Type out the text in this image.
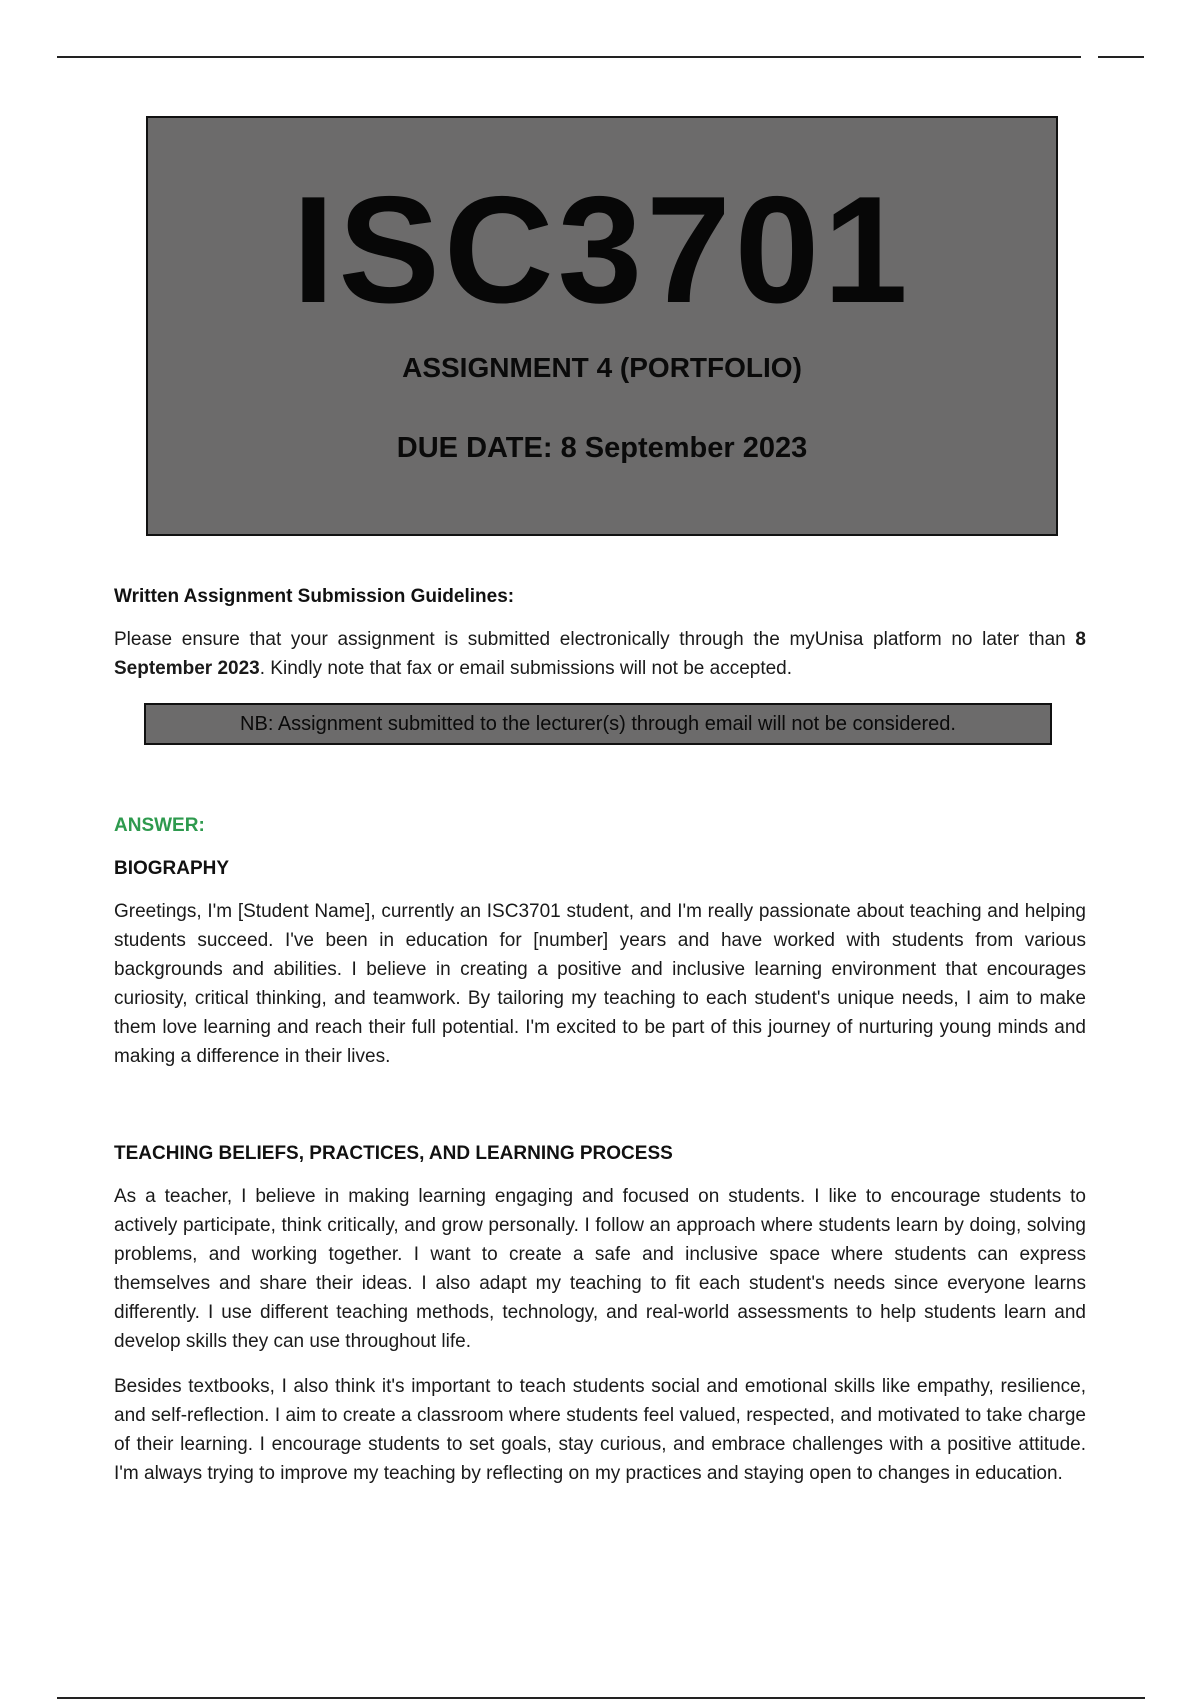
ISC3701
ASSIGNMENT 4 (PORTFOLIO)
DUE DATE: 8 September 2023
Written Assignment Submission Guidelines:

Please ensure that your assignment is submitted electronically through the myUnisa platform no later than 8 September 2023. Kindly note that fax or email submissions will not be accepted.

NB: Assignment submitted to the lecturer(s) through email will not be considered.
ANSWER:
BIOGRAPHY

Greetings, I'm [Student Name], currently an ISC3701 student, and I'm really passionate about teaching and helping students succeed. I've been in education for [number] years and have worked with students from various backgrounds and abilities. I believe in creating a positive and inclusive learning environment that encourages curiosity, critical thinking, and teamwork. By tailoring my teaching to each student's unique needs, I aim to make them love learning and reach their full potential. I'm excited to be part of this journey of nurturing young minds and making a difference in their lives.

TEACHING BELIEFS, PRACTICES, AND LEARNING PROCESS

As a teacher, I believe in making learning engaging and focused on students. I like to encourage students to actively participate, think critically, and grow personally. I follow an approach where students learn by doing, solving problems, and working together. I want to create a safe and inclusive space where students can express themselves and share their ideas. I also adapt my teaching to fit each student's needs since everyone learns differently. I use different teaching methods, technology, and real-world assessments to help students learn and develop skills they can use throughout life.

Besides textbooks, I also think it's important to teach students social and emotional skills like empathy, resilience, and self-reflection. I aim to create a classroom where students feel valued, respected, and motivated to take charge of their learning. I encourage students to set goals, stay curious, and embrace challenges with a positive attitude. I'm always trying to improve my teaching by reflecting on my practices and staying open to changes in education.
